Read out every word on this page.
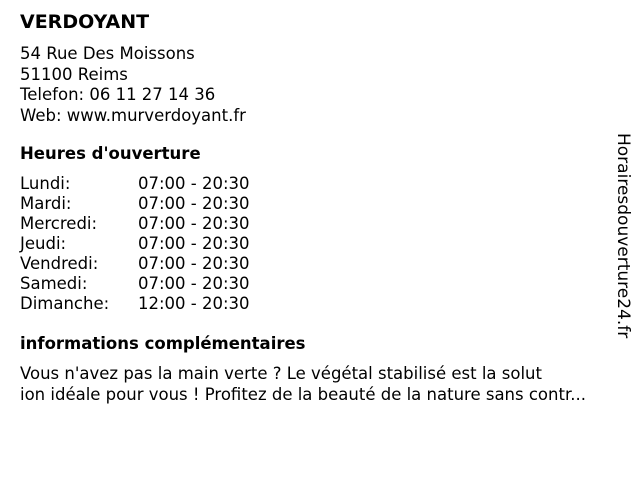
VERDOYANT
54 Rue Des Moissons
51100 Reims
Telefon: 06 11 27 14 36
Web: www.murverdoyant.fr
Heures d'ouverture
Lundi:	07:00 - 20:30
Mardi:	07:00 - 20:30
Mercredi: 07:00 - 20:30
Jeudi:	07:00 - 20:30
Vendredi: 07:00 - 20:30
Samedi:	07:00 - 20:30
Dimanche: 12:00 - 20:30
informations complémentaires
Vous n'avez pas la main verte ? Le végétal stabilisé est la solut
ion idéale pour vous ! Profitez de la beauté de la nature sans contr...
Horairesdouverture24.fr
